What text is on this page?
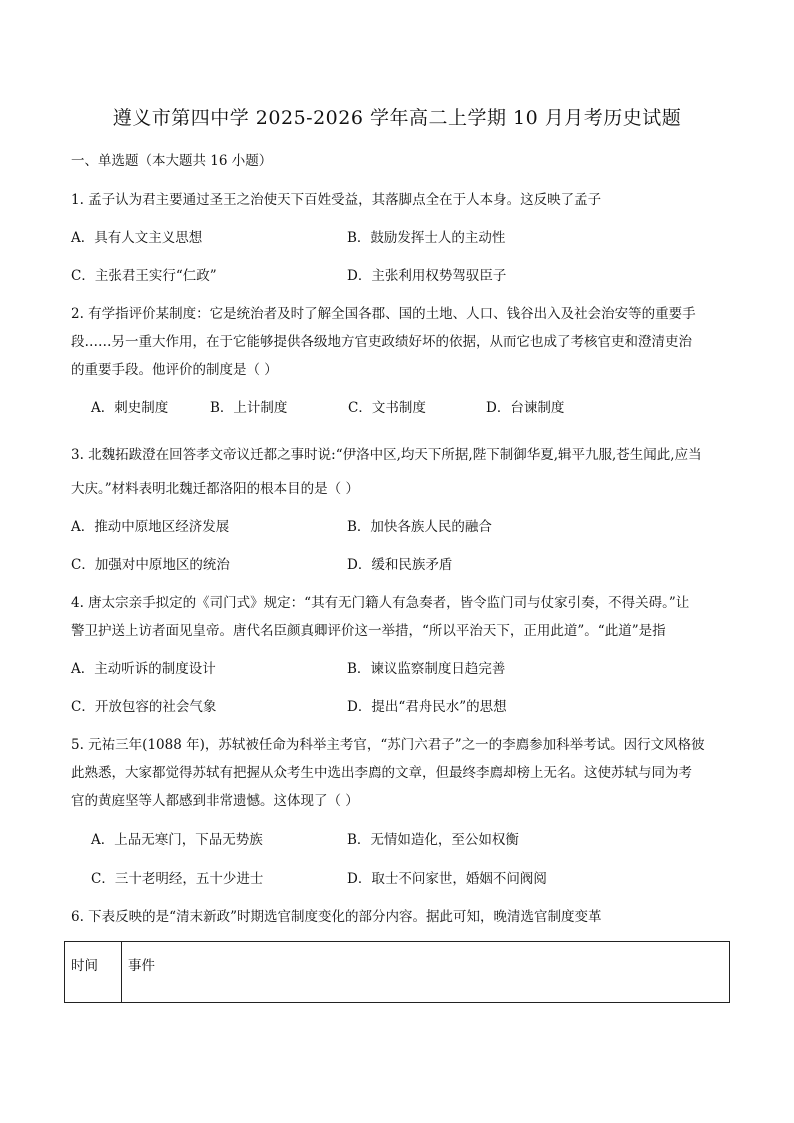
遵义市第四中学 2025-2026 学年高二上学期 10 月月考历史试题
一、单选题（本大题共 16 小题）
1. 孟子认为君主要通过圣王之治使天下百姓受益，其落脚点全在于人本身。这反映了孟子
A．具有人文主义思想	B．鼓励发挥士人的主动性
C．主张君王实行“仁政”	D．主张利用权势驾驭臣子
2. 有学指评价某制度：它是统治者及时了解全国各郡、国的土地、人口、钱谷出入及社会治安等的重要手
段……另一重大作用，在于它能够提供各级地方官吏政绩好坏的依据，从而它也成了考核官吏和澄清吏治
的重要手段。他评价的制度是（ ）
A．刺史制度	B．上计制度	C．文书制度	D．台谏制度
3. 北魏拓跋澄在回答孝文帝议迁都之事时说:“伊洛中区,均天下所据,陛下制御华夏,辑平九服,苍生闻此,应当
大庆。”材料表明北魏迁都洛阳的根本目的是（ ）
A．推动中原地区经济发展	B．加快各族人民的融合
C．加强对中原地区的统治	D．缓和民族矛盾
4. 唐太宗亲手拟定的《司门式》规定：“其有无门籍人有急奏者，皆令监门司与仗家引奏，不得关碍。”让
警卫护送上访者面见皇帝。唐代名臣颜真卿评价这一举措，“所以平治天下，正用此道”。“此道”是指
A．主动听诉的制度设计	B．谏议监察制度日趋完善
C．开放包容的社会气象	D．提出“君舟民水”的思想
5. 元祐三年(1088 年)，苏轼被任命为科举主考官，“苏门六君子”之一的李廌参加科举考试。因行文风格彼
此熟悉，大家都觉得苏轼有把握从众考生中选出李廌的文章，但最终李廌却榜上无名。这使苏轼与同为考
官的黄庭坚等人都感到非常遗憾。这体现了（ ）
A．上品无寒门，下品无势族	B．无情如造化，至公如权衡
C．三十老明经，五十少进士	D．取士不问家世，婚姻不问阀阅
6. 下表反映的是“清末新政”时期选官制度变化的部分内容。据此可知，晚清选官制度变革
时间	事件
